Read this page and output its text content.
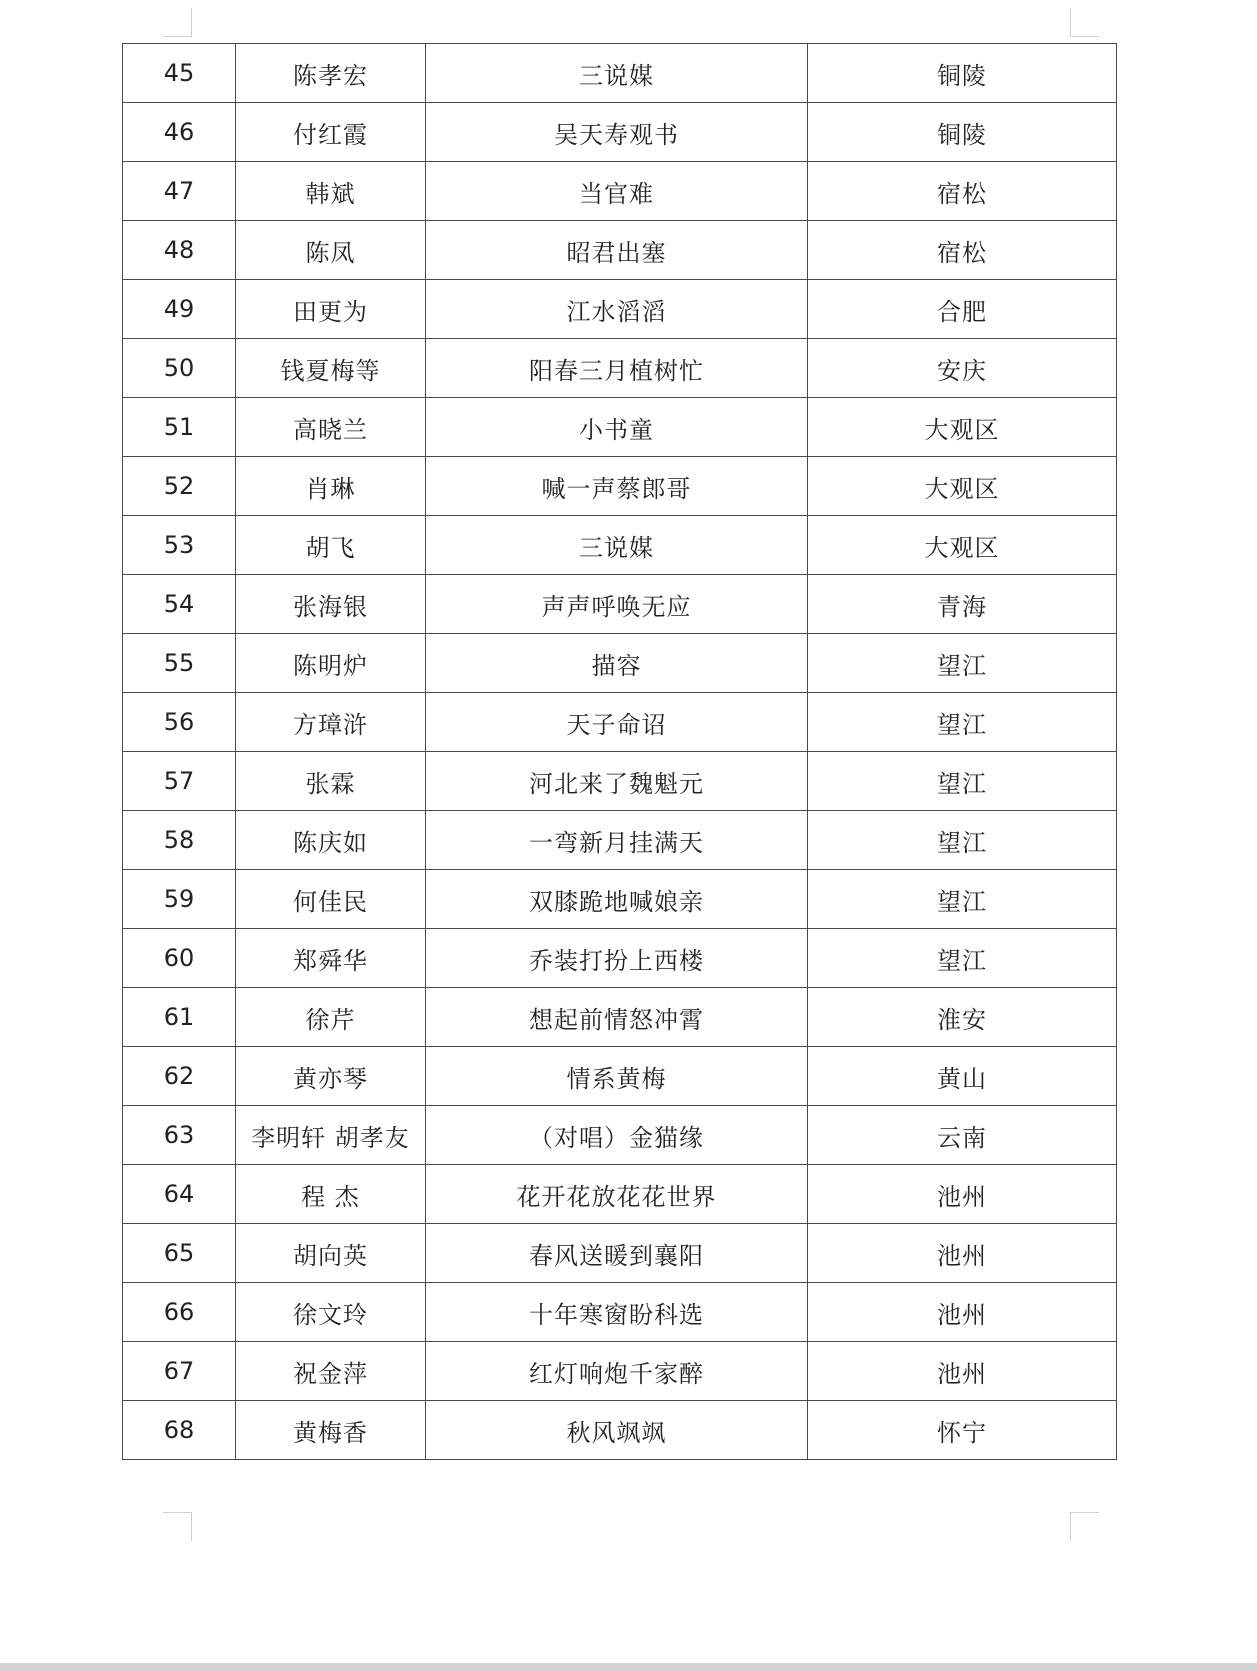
45	陈孝宏	三说媒	铜陵
46	付红霞	吴天寿观书	铜陵
47	韩斌	当官难	宿松
48	陈凤	昭君出塞	宿松
49	田更为	江水滔滔	合肥
50	钱夏梅等	阳春三月植树忙	安庆
51	高晓兰	小书童	大观区
52	肖琳	喊一声蔡郎哥	大观区
53	胡飞	三说媒	大观区
54	张海银	声声呼唤无应	青海
55	陈明炉	描容	望江
56	方璋浒	天子命诏	望江
57	张霖	河北来了魏魁元	望江
58	陈庆如	一弯新月挂满天	望江
59	何佳民	双膝跪地喊娘亲	望江
60	郑舜华	乔装打扮上西楼	望江
61	徐芹	想起前情怒冲霄	淮安
62	黄亦琴	情系黄梅	黄山
63	李明轩 胡孝友	（对唱）金猫缘	云南
64	程 杰	花开花放花花世界	池州
65	胡向英	春风送暖到襄阳	池州
66	徐文玲	十年寒窗盼科选	池州
67	祝金萍	红灯响炮千家醉	池州
68	黄梅香	秋风飒飒	怀宁
